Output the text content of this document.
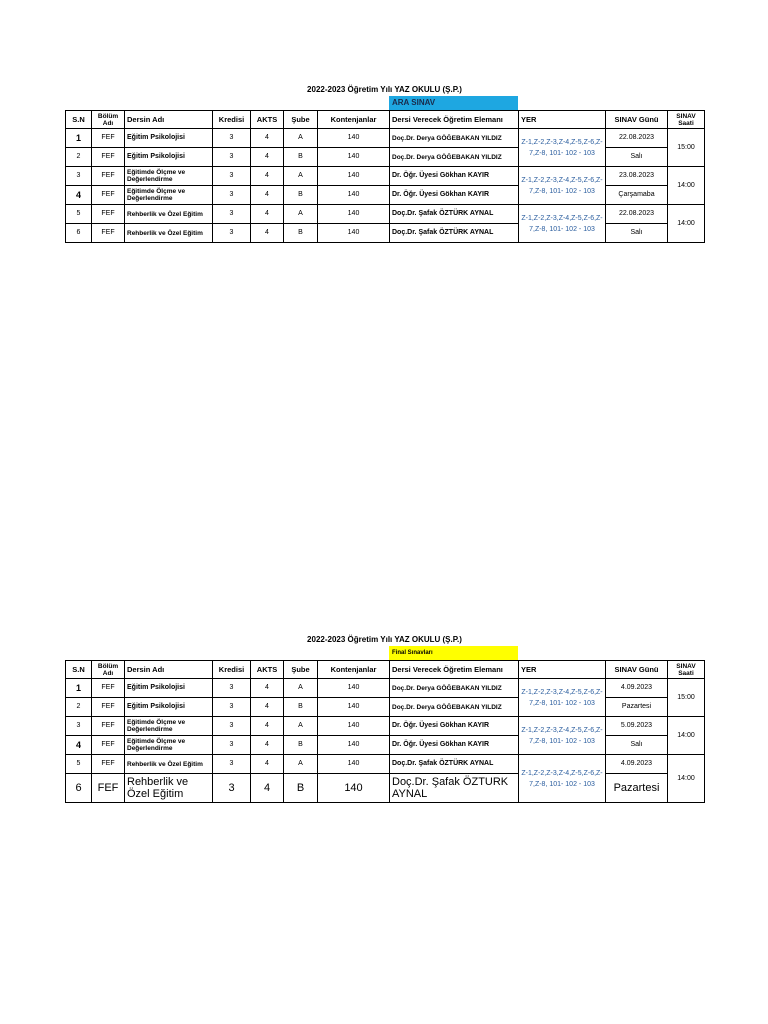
2022-2023 Öğretim Yılı YAZ OKULU (Ş.P.)
ARA SINAV
S.N	Bölüm Adı	Dersin Adı	Kredisi	AKTS	Şube	Kontenjanlar	Dersi Verecek Öğretim Elemanı	YER	SINAV Günü	SINAV Saati
1	FEF	Eğitim Psikolojisi	3	4	A	140	Doç.Dr. Derya GÖĞEBAKAN YILDIZ	Z-1,Z-2,Z-3,Z-4,Z-5,Z-6,Z-7,Z-8, 101- 102 - 103	22.08.2023	15:00
2	FEF	Eğitim Psikolojisi	3	4	B	140	Doç.Dr. Derya GÖĞEBAKAN YILDIZ		Salı	
3	FEF	Eğitimde Ölçme ve Değerlendirme	3	4	A	140	Dr. Öğr. Üyesi Gökhan KAYIR	Z-1,Z-2,Z-3,Z-4,Z-5,Z-6,Z-7,Z-8, 101- 102 - 103	23.08.2023	14:00
4	FEF	Eğitimde Ölçme ve Değerlendirme	3	4	B	140	Dr. Öğr. Üyesi Gökhan KAYIR		Çarşamaba	
5	FEF	Rehberlik ve Özel Eğitim	3	4	A	140	Doç.Dr. Şafak ÖZTÜRK AYNAL	Z-1,Z-2,Z-3,Z-4,Z-5,Z-6,Z-7,Z-8, 101- 102 - 103	22.08.2023	14:00
6	FEF	Rehberlik ve Özel Eğitim	3	4	B	140	Doç.Dr. Şafak ÖZTÜRK AYNAL		Salı	
2022-2023 Öğretim Yılı YAZ OKULU (Ş.P.)
Final Sınavları
S.N	Bölüm Adı	Dersin Adı	Kredisi	AKTS	Şube	Kontenjanlar	Dersi Verecek Öğretim Elemanı	YER	SINAV Günü	SINAV Saati
1	FEF	Eğitim Psikolojisi	3	4	A	140	Doç.Dr. Derya GÖĞEBAKAN YILDIZ	Z-1,Z-2,Z-3,Z-4,Z-5,Z-6,Z-7,Z-8, 101- 102 - 103	4.09.2023	15:00
2	FEF	Eğitim Psikolojisi	3	4	B	140	Doç.Dr. Derya GÖĞEBAKAN YILDIZ		Pazartesi	
3	FEF	Eğitimde Ölçme ve Değerlendirme	3	4	A	140	Dr. Öğr. Üyesi Gökhan KAYIR	Z-1,Z-2,Z-3,Z-4,Z-5,Z-6,Z-7,Z-8, 101- 102 - 103	5.09.2023	14:00
4	FEF	Eğitimde Ölçme ve Değerlendirme	3	4	B	140	Dr. Öğr. Üyesi Gökhan KAYIR		Salı	
5	FEF	Rehberlik ve Özel Eğitim	3	4	A	140	Doç.Dr. Şafak ÖZTÜRK AYNAL	Z-1,Z-2,Z-3,Z-4,Z-5,Z-6,Z-7,Z-8, 101- 102 - 103	4.09.2023	14:00
6	FEF	Rehberlik ve Özel Eğitim	3	4	B	140	Doç.Dr. Şafak ÖZTURK AYNAL		Pazartesi	
